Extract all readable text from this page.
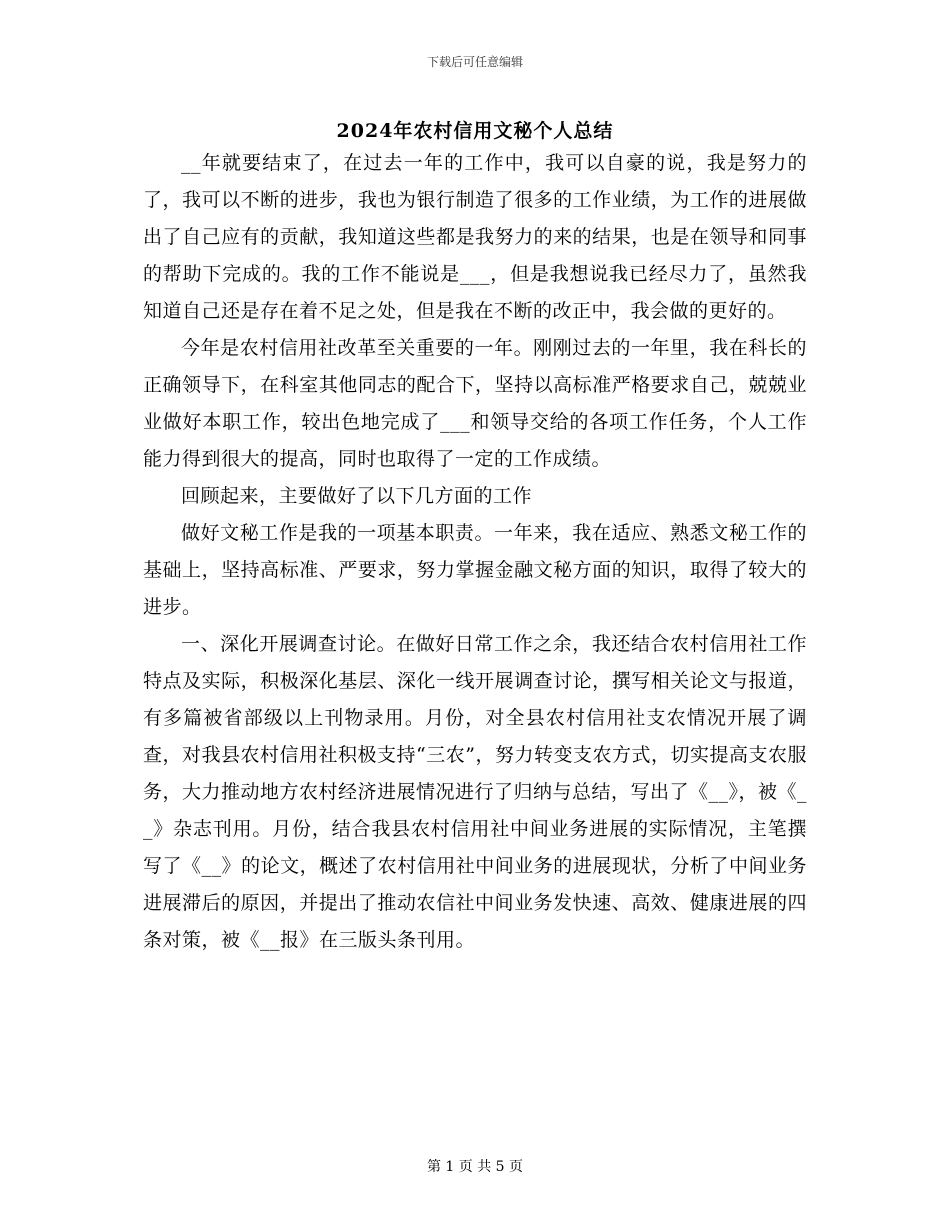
下载后可任意编辑
2024年农村信用文秘个人总结

__年就要结束了，在过去一年的工作中，我可以自豪的说，我是努力的了，我可以不断的进步，我也为银行制造了很多的工作业绩，为工作的进展做出了自己应有的贡献，我知道这些都是我努力的来的结果，也是在领导和同事的帮助下完成的。我的工作不能说是___，但是我想说我已经尽力了，虽然我知道自己还是存在着不足之处，但是我在不断的改正中，我会做的更好的。

今年是农村信用社改革至关重要的一年。刚刚过去的一年里，我在科长的正确领导下，在科室其他同志的配合下，坚持以高标准严格要求自己，兢兢业业做好本职工作，较出色地完成了___和领导交给的各项工作任务，个人工作能力得到很大的提高，同时也取得了一定的工作成绩。

回顾起来，主要做好了以下几方面的工作

做好文秘工作是我的一项基本职责。一年来，我在适应、熟悉文秘工作的基础上，坚持高标准、严要求，努力掌握金融文秘方面的知识，取得了较大的进步。

一、深化开展调查讨论。在做好日常工作之余，我还结合农村信用社工作特点及实际，积极深化基层、深化一线开展调查讨论，撰写相关论文与报道，有多篇被省部级以上刊物录用。月份，对全县农村信用社支农情况开展了调查，对我县农村信用社积极支持“三农”，努力转变支农方式，切实提高支农服务，大力推动地方农村经济进展情况进行了归纳与总结，写出了《__》，被《__》杂志刊用。月份，结合我县农村信用社中间业务进展的实际情况，主笔撰写了《__》的论文，概述了农村信用社中间业务的进展现状，分析了中间业务进展滞后的原因，并提出了推动农信社中间业务发快速、高效、健康进展的四条对策，被《__报》在三版头条刊用。

第 1 页 共 5 页
